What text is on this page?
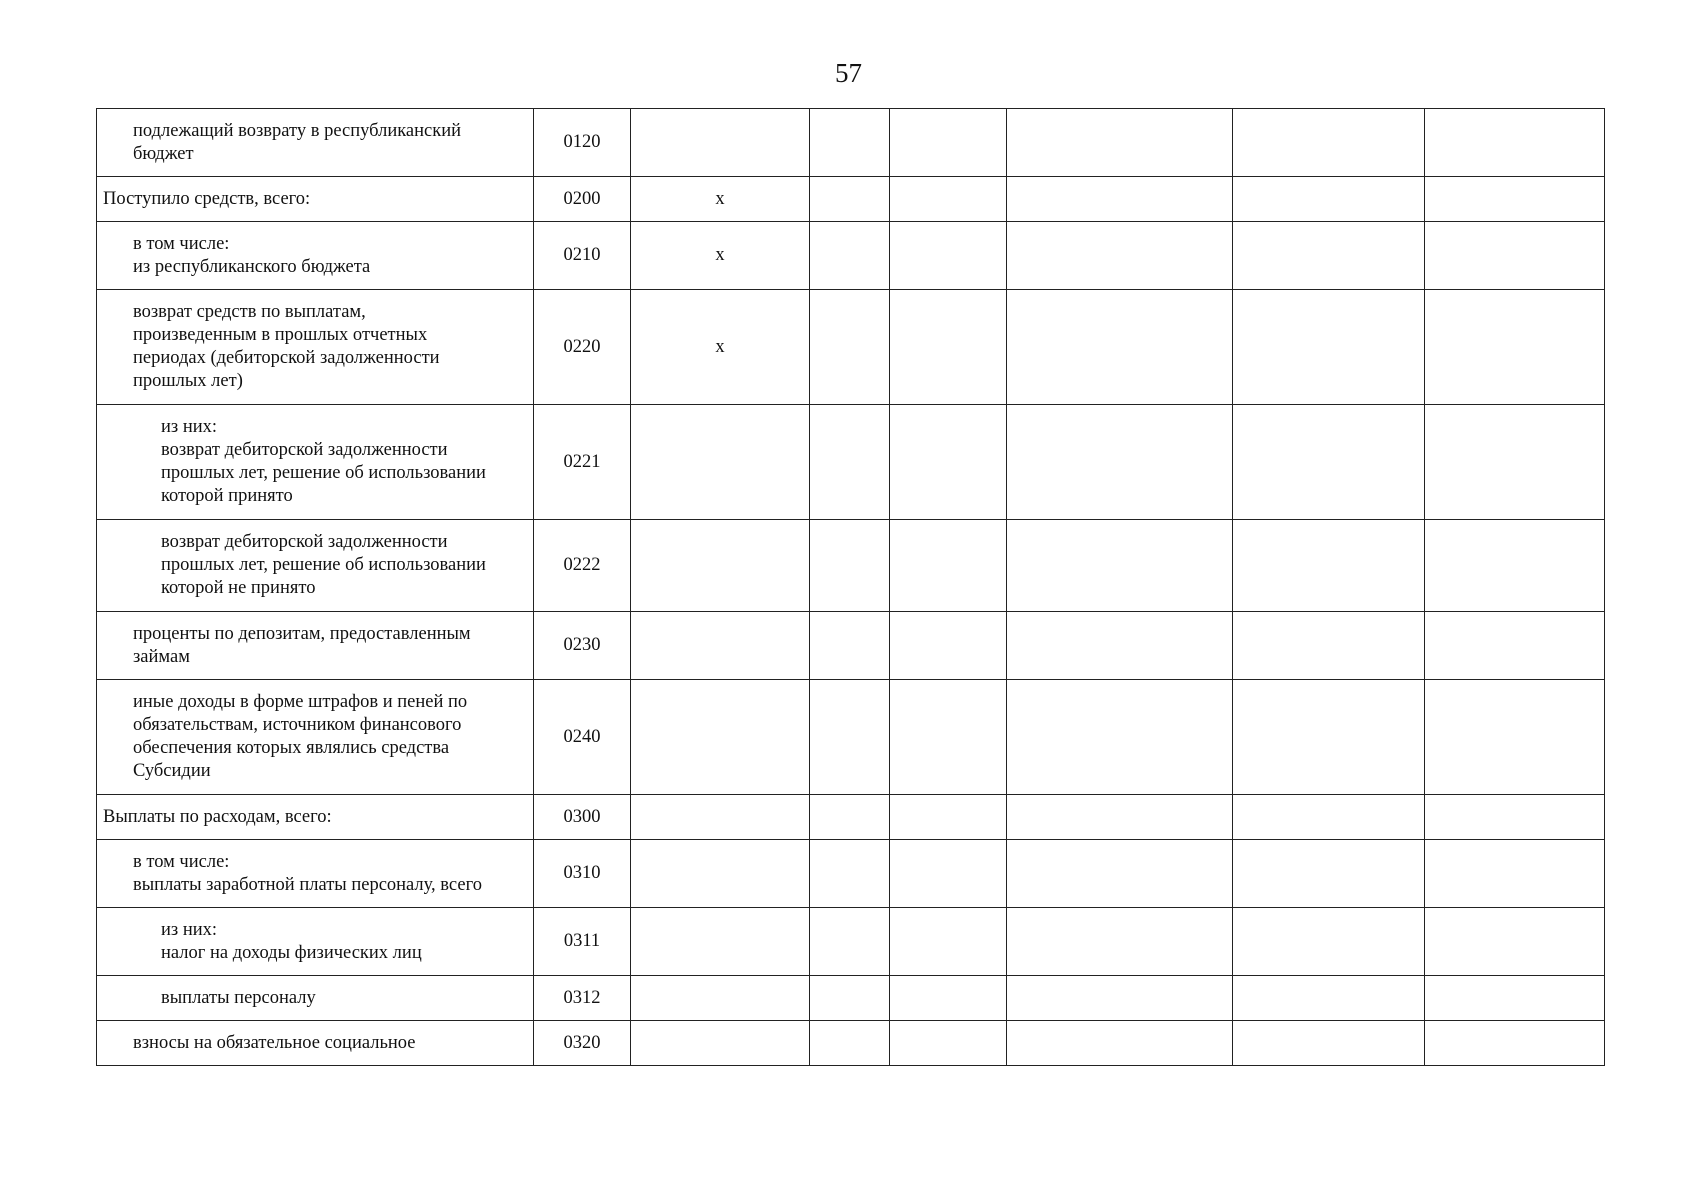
57
подлежащий возврату в республиканский
бюджет	0120						

Поступило средств, всего:	0200	x					

в том числе:
из республиканского бюджета	0210	x					

возврат средств по выплатам,
произведенным в прошлых отчетных
периодах (дебиторской задолженности
прошлых лет)	0220	x					

из них:
возврат дебиторской задолженности
прошлых лет, решение об использовании
которой принято	0221						

возврат дебиторской задолженности
прошлых лет, решение об использовании
которой не принято	0222						

проценты по депозитам, предоставленным
займам	0230						

иные доходы в форме штрафов и пеней по
обязательствам, источником финансового
обеспечения которых являлись средства
Субсидии	0240						

Выплаты по расходам, всего:	0300						

в том числе:
выплаты заработной платы персоналу, всего	0310						

из них:
налог на доходы физических лиц	0311						

выплаты персоналу	0312						

взносы на обязательное социальное	0320						
